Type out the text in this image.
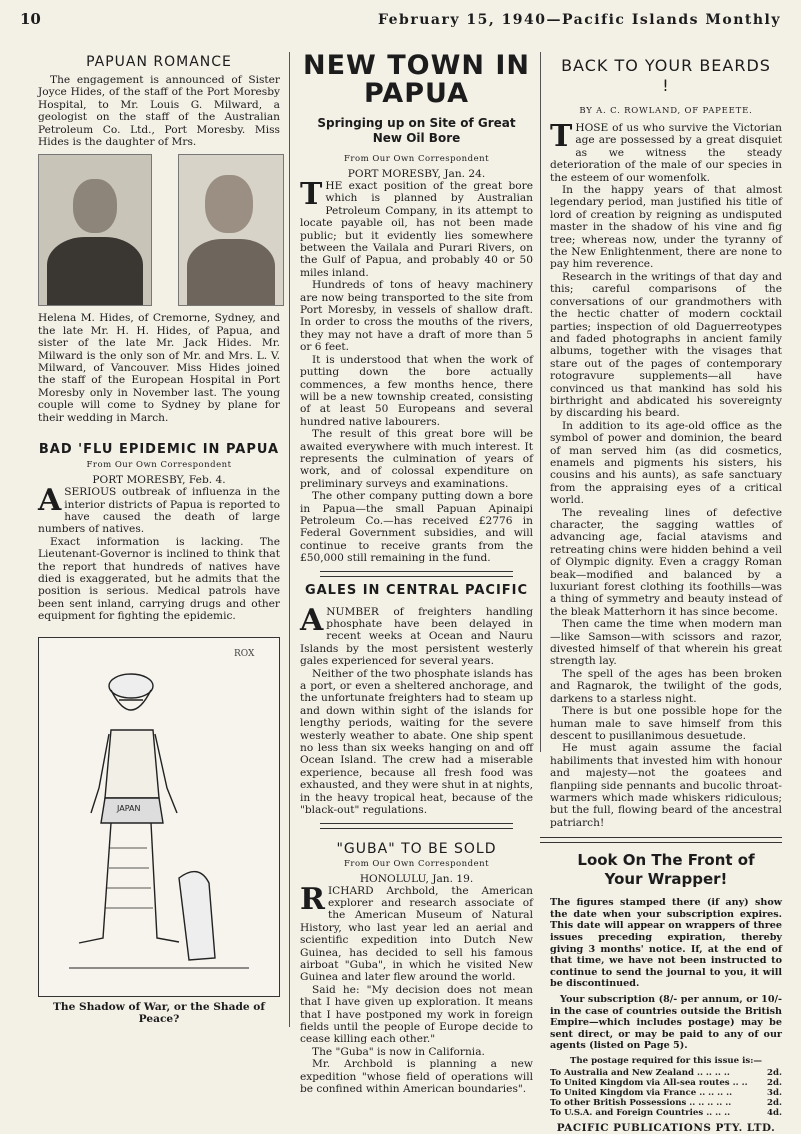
10	February 15, 1940—Pacific Islands Monthly
PAPUAN ROMANCE

The engagement is announced of Sister Joyce Hides, of the staff of the Port Moresby Hospital, to Mr. Louis G. Milward, a geologist on the staff of the Australian Petroleum Co. Ltd., Port Moresby. Miss Hides is the daughter of Mrs.

Helena M. Hides, of Cremorne, Sydney, and the late Mr. H. H. Hides, of Papua, and sister of the late Mr. Jack Hides. Mr. Milward is the only son of Mr. and Mrs. L. V. Milward, of Vancouver. Miss Hides joined the staff of the European Hospital in Port Moresby only in November last. The young couple will come to Sydney by plane for their wedding in March.

BAD 'FLU EPIDEMIC IN PAPUA
From Our Own Correspondent
PORT MORESBY, Feb. 4.

ASERIOUS outbreak of influenza in the interior districts of Papua is reported to have caused the death of large numbers of natives.

Exact information is lacking. The Lieutenant-Governor is inclined to think that the report that hundreds of natives have died is exaggerated, but he admits that the position is serious. Medical patrols have been sent inland, carrying drugs and other equipment for fighting the epidemic.

ROX
JAPAN
The Shadow of War, or the Shade of Peace?
NEW TOWN IN PAPUA
Springing up on Site of Great New Oil Bore
From Our Own Correspondent
PORT MORESBY, Jan. 24.

THE exact position of the great bore which is planned by Australian Petroleum Company, in its attempt to locate payable oil, has not been made public; but it evidently lies somewhere between the Vailala and Purari Rivers, on the Gulf of Papua, and probably 40 or 50 miles inland.

Hundreds of tons of heavy machinery are now being transported to the site from Port Moresby, in vessels of shallow draft. In order to cross the mouths of the rivers, they may not have a draft of more than 5 or 6 feet.

It is understood that when the work of putting down the bore actually commences, a few months hence, there will be a new township created, consisting of at least 50 Europeans and several hundred native labourers.

The result of this great bore will be awaited everywhere with much interest. It represents the culmination of years of work, and of colossal expenditure on preliminary surveys and examinations.

The other company putting down a bore in Papua—the small Papuan Apinaipi Petroleum Co.—has received £2776 in Federal Government subsidies, and will continue to receive grants from the £50,000 still remaining in the fund.

GALES IN CENTRAL PACIFIC

ANUMBER of freighters handling phosphate have been delayed in recent weeks at Ocean and Nauru Islands by the most persistent westerly gales experienced for several years.

Neither of the two phosphate islands has a port, or even a sheltered anchorage, and the unfortunate freighters had to steam up and down within sight of the islands for lengthy periods, waiting for the severe westerly weather to abate. One ship spent no less than six weeks hanging on and off Ocean Island. The crew had a miserable experience, because all fresh food was exhausted, and they were shut in at nights, in the heavy tropical heat, because of the "black-out" regulations.

"GUBA" TO BE SOLD
From Our Own Correspondent
HONOLULU, Jan. 19.

RICHARD Archbold, the American explorer and research associate of the American Museum of Natural History, who last year led an aerial and scientific expedition into Dutch New Guinea, has decided to sell his famous airboat "Guba", in which he visited New Guinea and later flew around the world.

Said he: "My decision does not mean that I have given up exploration. It means that I have postponed my work in foreign fields until the people of Europe decide to cease killing each other."

The "Guba" is now in California.

Mr. Archbold is planning a new expedition "whose field of operations will be confined within American boundaries".

BACK TO YOUR BEARDS !
BY A. C. ROWLAND, OF PAPEETE.

THOSE of us who survive the Victorian age are possessed by a great disquiet as we witness the steady deterioration of the male of our species in the esteem of our womenfolk.

In the happy years of that almost legendary period, man justified his title of lord of creation by reigning as undisputed master in the shadow of his vine and fig tree; whereas now, under the tyranny of the New Enlightenment, there are none to pay him reverence.

Research in the writings of that day and this; careful comparisons of the conversations of our grandmothers with the hectic chatter of modern cocktail parties; inspection of old Daguerreotypes and faded photographs in ancient family albums, together with the visages that stare out of the pages of contemporary rotogravure supplements—all have convinced us that mankind has sold his birthright and abdicated his sovereignty by discarding his beard.

In addition to its age-old office as the symbol of power and dominion, the beard of man served him (as did cosmetics, enamels and pigments his sisters, his cousins and his aunts), as safe sanctuary from the appraising eyes of a critical world.

The revealing lines of defective character, the sagging wattles of advancing age, facial atavisms and retreating chins were hidden behind a veil of Olympic dignity. Even a craggy Roman beak—modified and balanced by a luxuriant forest clothing its foothills—was a thing of symmetry and beauty instead of the bleak Matterhorn it has since become.

Then came the time when modern man—like Samson—with scissors and razor, divested himself of that wherein his great strength lay.

The spell of the ages has been broken and Ragnarok, the twilight of the gods, darkens to a starless night.

There is but one possible hope for the human male to save himself from this descent to pusillanimous desuetude.

He must again assume the facial habiliments that invested him with honour and majesty—not the goatees and flanpiing side pennants and bucolic throat-warmers which made whiskers ridiculous; but the full, flowing beard of the ancestral patriarch!

Look On The Front of Your Wrapper!
The figures stamped there (if any) show the date when your subscription expires. This date will appear on wrappers of three issues preceding expiration, thereby giving 3 months' notice. If, at the end of that time, we have not been instructed to continue to send the journal to you, it will be discontinued.
Your subscription (8/- per annum, or 10/- in the case of countries outside the British Empire—which includes postage) may be sent direct, or may be paid to any of our agents (listed on Page 5).
The postage required for this issue is:—
To Australia and New Zealand .. .. .. ..	2d.
To United Kingdom via All-sea routes .. ..	2d.
To United Kingdom via France .. .. .. ..	3d.
To other British Possessions .. .. .. .. ..	2d.
To U.S.A. and Foreign Countries .. .. ..	4d.
PACIFIC PUBLICATIONS PTY. LTD.
